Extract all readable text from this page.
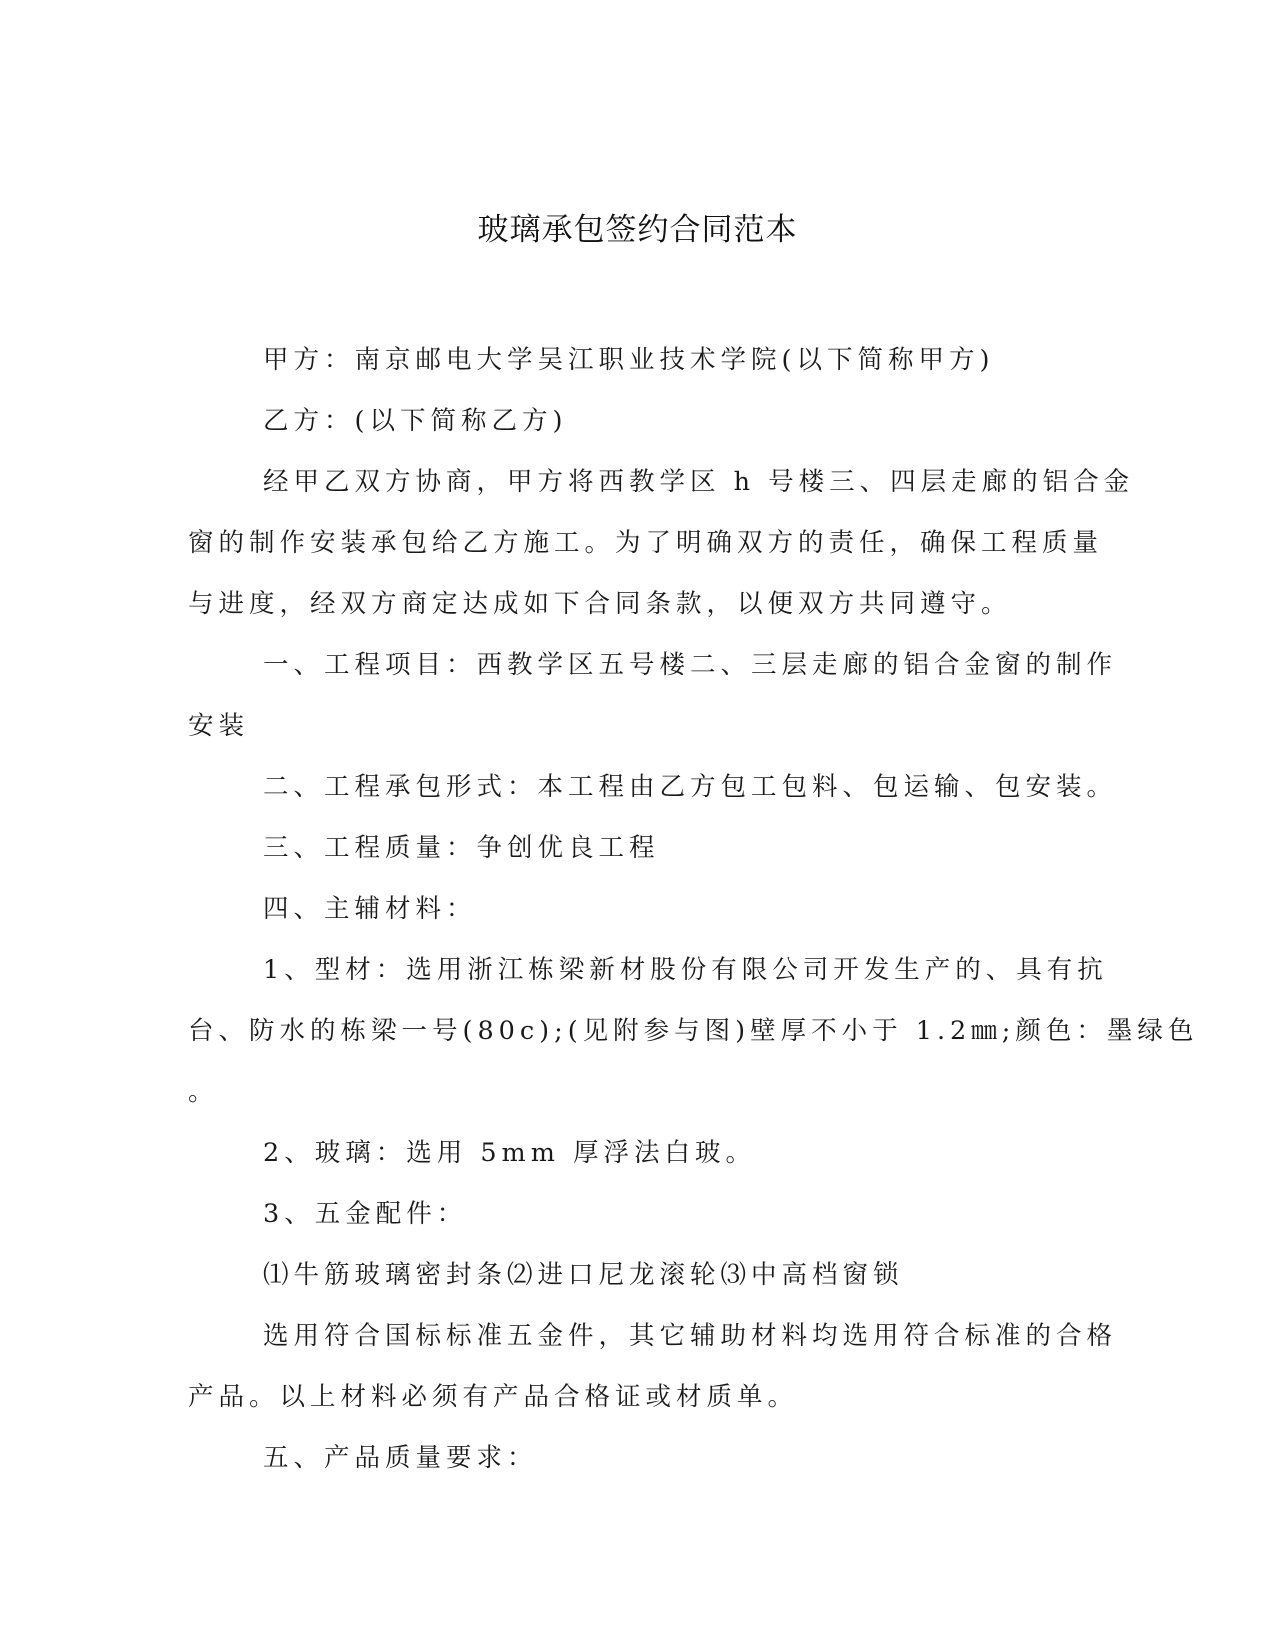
玻璃承包签约合同范本

甲方：南京邮电大学吴江职业技术学院(以下简称甲方)

乙方：(以下简称乙方)

经甲乙双方协商，甲方将西教学区 h 号楼三、四层走廊的铝合金

窗的制作安装承包给乙方施工。为了明确双方的责任，确保工程质量

与进度，经双方商定达成如下合同条款，以便双方共同遵守。

一、工程项目：西教学区五号楼二、三层走廊的铝合金窗的制作

安装

二、工程承包形式：本工程由乙方包工包料、包运输、包安装。

三、工程质量：争创优良工程

四、主辅材料：

1、型材：选用浙江栋梁新材股份有限公司开发生产的、具有抗

台、防水的栋梁一号(80c);(见附参与图)壁厚不小于 1.2㎜;颜色：墨绿色

。

2、玻璃：选用 5mm 厚浮法白玻。

3、五金配件：

⑴牛筋玻璃密封条⑵进口尼龙滚轮⑶中高档窗锁

选用符合国标标准五金件，其它辅助材料均选用符合标准的合格

产品。以上材料必须有产品合格证或材质单。

五、产品质量要求：
